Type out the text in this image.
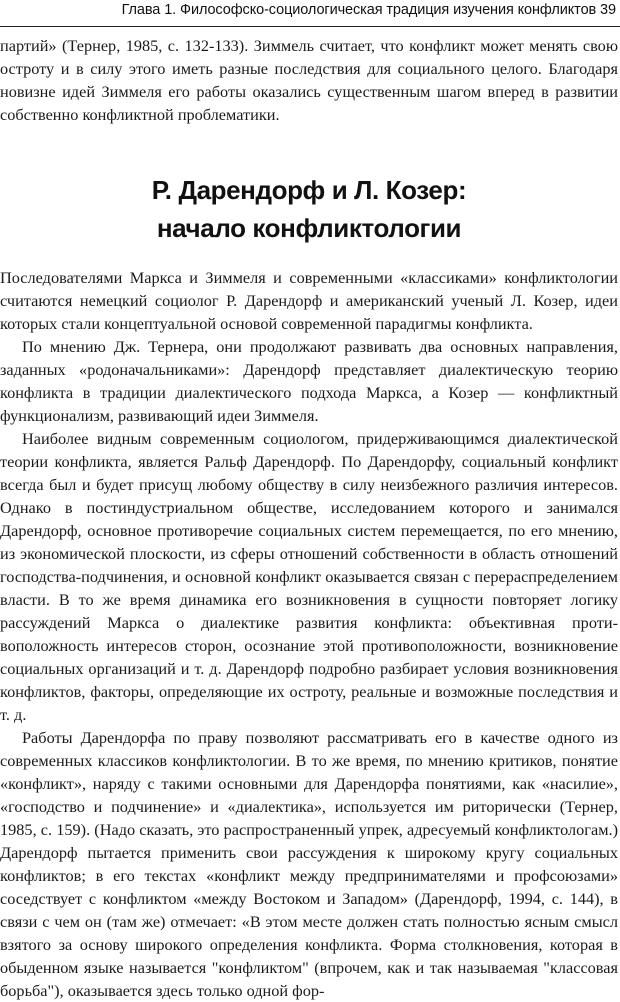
Глава 1. Философско-социологическая традиция изучения конфликтов 39

партий» (Тернер, 1985, с. 132-133). Зиммель считает, что конфликт может менять свою остроту и в силу этого иметь разные последствия для социального целого. Благодаря новизне идей Зиммеля его работы оказались существенным шагом вперед в развитии собственно конфликтной проблематики.

Р. Дарендорф и Л. Козер:
начало конфликтологии

Последователями Маркса и Зиммеля и современными «классиками» конфликтологии считаются немецкий социолог Р. Дарендорф и американский ученый Л. Козер, идеи которых стали концептуальной основой современной парадигмы конфликта.

По мнению Дж. Тернера, они продолжают развивать два основных направления, заданных «родоначальниками»: Дарендорф представляет диалектическую теорию конфликта в традиции диалектического подхода Маркса, а Козер — конфликтный функционализм, развивающий идеи Зиммеля.

Наиболее видным современным социологом, придерживающимся диалектической теории конфликта, является Ральф Дарендорф. По Дарендорфу, социальный конфликт всегда был и будет присущ любому обществу в силу неизбежного различия интересов. Однако в постиндустриальном обществе, исследованием которого и занимался Дарендорф, основное противоречие социальных систем перемещается, по его мнению, из экономической плоскости, из сферы отношений собственности в область отношений господства-подчинения, и основной конфликт оказывается связан с перераспределением власти. В то же время динамика его возникновения в сущности повторяет логику рассуждений Маркса о диалектике развития конфликта: объективная противоположность интересов сторон, осознание этой противоположности, возникновение социальных организаций и т. д. Дарендорф подробно разбирает условия возникновения конфликтов, факторы, определяющие их остроту, реальные и возможные последствия и т. д.

Работы Дарендорфа по праву позволяют рассматривать его в качестве одного из современных классиков конфликтологии. В то же время, по мнению критиков, понятие «конфликт», наряду с такими основными для Дарендорфа понятиями, как «насилие», «господство и подчинение» и «диалектика», используется им риторически (Тернер, 1985, с. 159). (Надо сказать, это распространенный упрек, адресуемый конфликтологам.) Дарендорф пытается применить свои рассуждения к широкому кругу социальных конфликтов; в его текстах «конфликт между предпринимателями и профсоюзами» соседствует с конфликтом «между Востоком и Западом» (Дарендорф, 1994, с. 144), в связи с чем он (там же) отмечает: «В этом месте должен стать полностью ясным смысл взятого за основу широкого определения конфликта. Форма столкновения, которая в обыденном языке называется "конфликтом" (впрочем, как и так называемая "классовая борьба"), оказывается здесь только одной фор-
